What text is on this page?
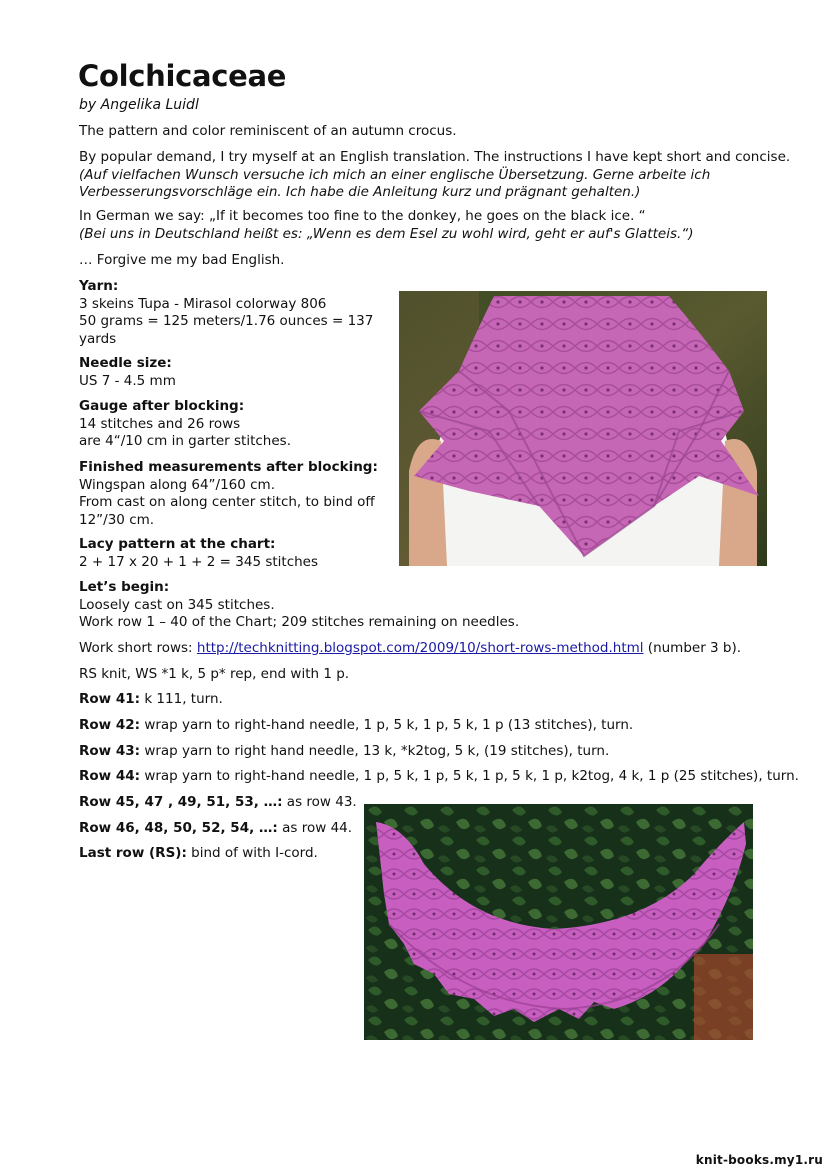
Colchicaceae
by Angelika Luidl
The pattern and color reminiscent of an autumn crocus.
By popular demand, I try myself at an English translation. The instructions I have kept short and concise.
(Auf vielfachen Wunsch versuche ich mich an einer englische Übersetzung. Gerne arbeite ich
Verbesserungsvorschläge ein. Ich habe die Anleitung kurz und prägnant gehalten.)
In German we say: „If it becomes too fine to the donkey, he goes on the black ice. “
(Bei uns in Deutschland heißt es: „Wenn es dem Esel zu wohl wird, geht er auf's Glatteis.“)
… Forgive me my bad English.
Yarn:
3 skeins Tupa - Mirasol colorway 806
50 grams = 125 meters/1.76 ounces = 137
yards
Needle size:
US 7 - 4.5 mm
Gauge after blocking:
14 stitches and 26 rows
are 4“/10 cm in garter stitches.
Finished measurements after blocking:
Wingspan along 64”/160 cm.
From cast on along center stitch, to bind off
12”/30 cm.
Lacy pattern at the chart:
2 + 17 x 20 + 1 + 2 = 345 stitches
Let’s begin:
Loosely cast on 345 stitches.
Work row 1 – 40 of the Chart; 209 stitches remaining on needles.
Work short rows: http://techknitting.blogspot.com/2009/10/short-rows-method.html (number 3 b).
RS knit, WS *1 k, 5 p* rep, end with 1 p.
Row 41: k 111, turn.
Row 42: wrap yarn to right-hand needle, 1 p, 5 k, 1 p, 5 k, 1 p (13 stitches), turn.
Row 43: wrap yarn to right hand needle, 13 k, *k2tog, 5 k, (19 stitches), turn.
Row 44: wrap yarn to right-hand needle, 1 p, 5 k, 1 p, 5 k, 1 p, 5 k, 1 p, k2tog, 4 k, 1 p (25 stitches), turn.
Row 45, 47 , 49, 51, 53, …: as row 43.
Row 46, 48, 50, 52, 54, …: as row 44.
Last row (RS): bind of with I-cord.
knit-books.my1.ru
